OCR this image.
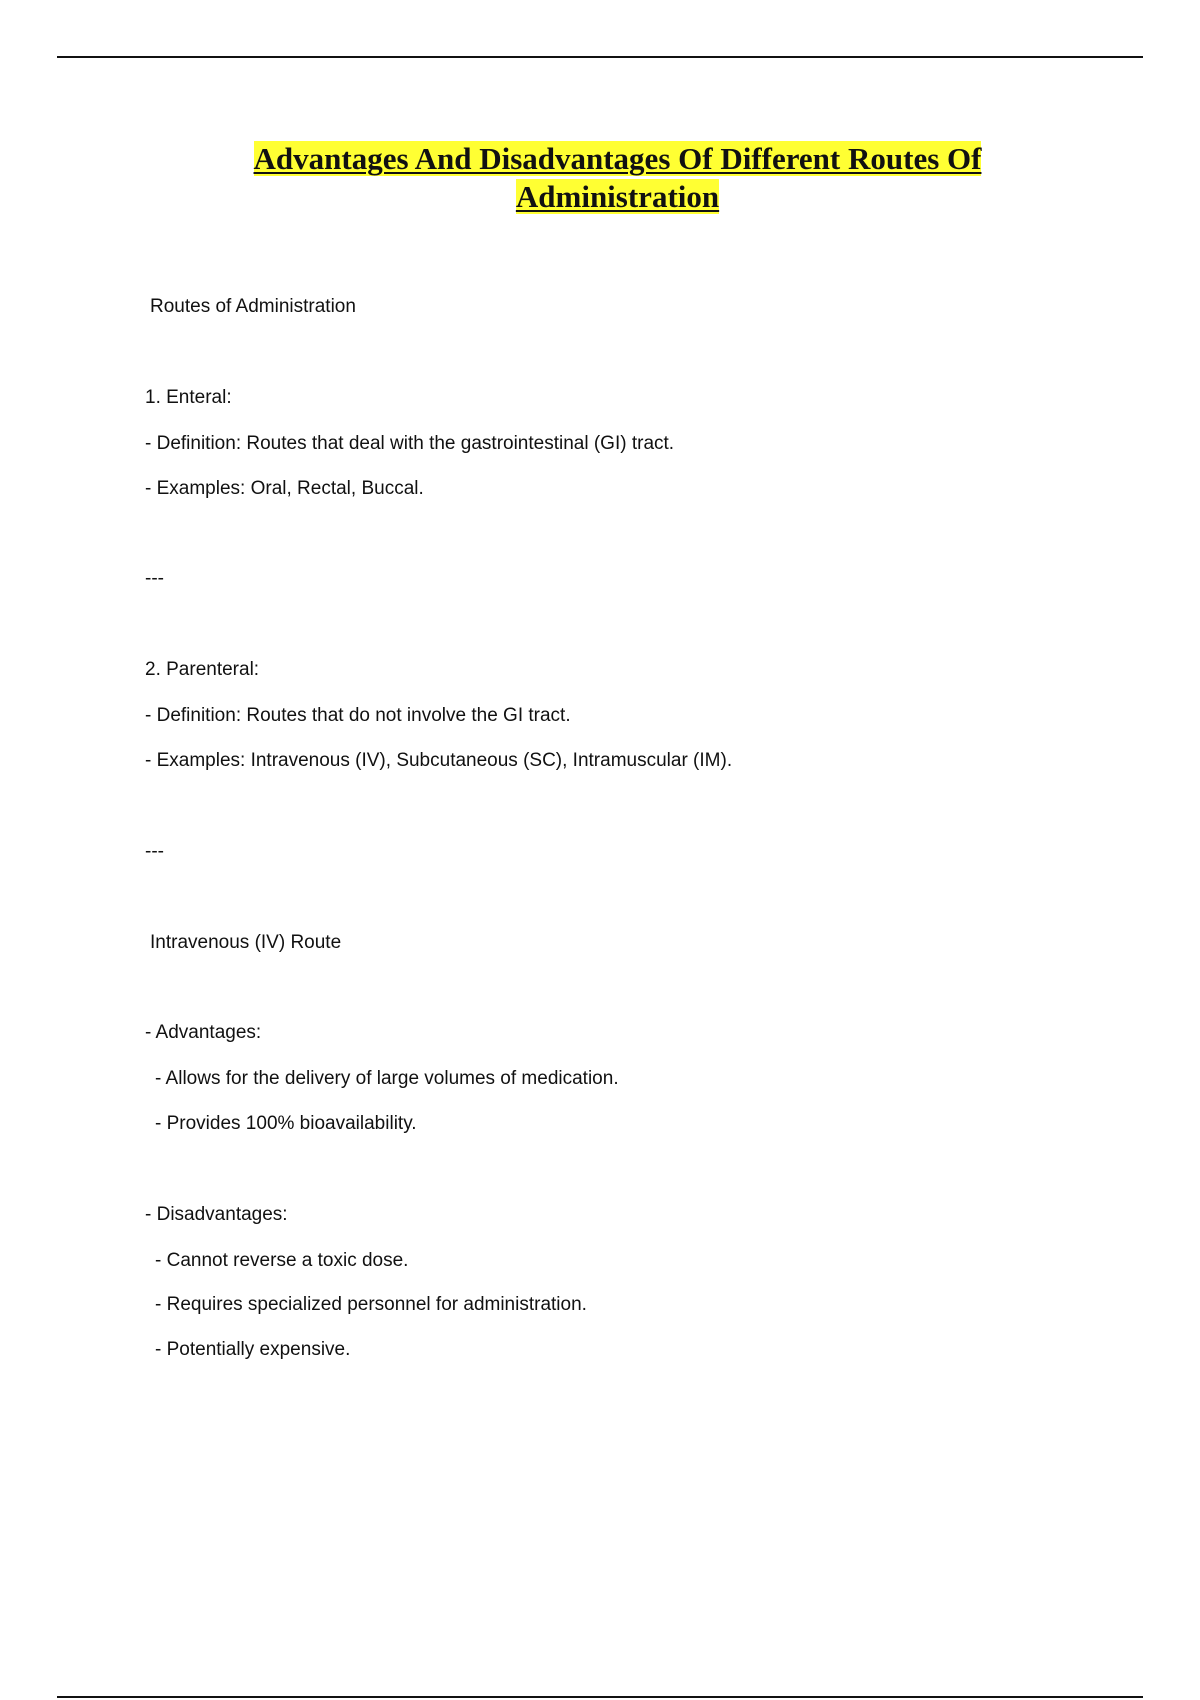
Advantages And Disadvantages Of Different Routes Of
Administration
Routes of Administration
1. Enteral:
- Definition: Routes that deal with the gastrointestinal (GI) tract.
- Examples: Oral, Rectal, Buccal.
---
2. Parenteral:
- Definition: Routes that do not involve the GI tract.
- Examples: Intravenous (IV), Subcutaneous (SC), Intramuscular (IM).
---
Intravenous (IV) Route
- Advantages:
- Allows for the delivery of large volumes of medication.
- Provides 100% bioavailability.
- Disadvantages:
- Cannot reverse a toxic dose.
- Requires specialized personnel for administration.
- Potentially expensive.
